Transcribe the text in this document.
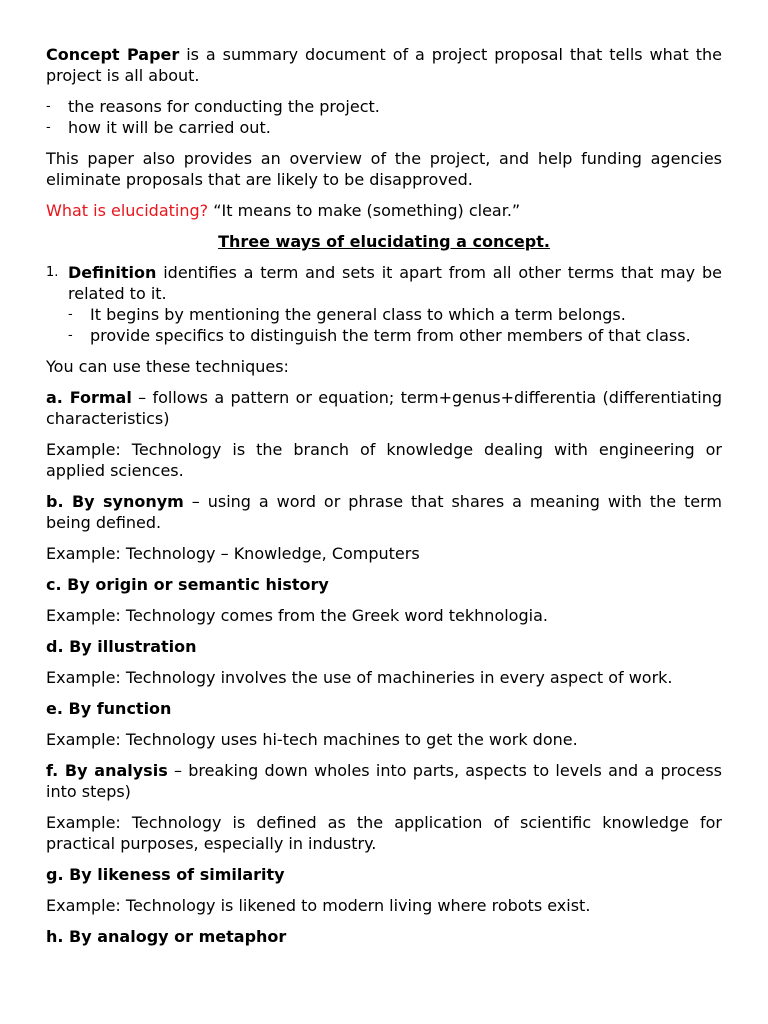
Concept Paper is a summary document of a project proposal that tells what the project is all about.

- the reasons for conducting the project.
- how it will be carried out.

This paper also provides an overview of the project, and help funding agencies eliminate proposals that are likely to be disapproved.

What is elucidating? “It means to make (something) clear.”

Three ways of elucidating a concept.

1. Definition identifies a term and sets it apart from all other terms that may be related to it.
- It begins by mentioning the general class to which a term belongs.
- provide specifics to distinguish the term from other members of that class.

You can use these techniques:

a. Formal – follows a pattern or equation; term+genus+differentia (differentiating characteristics)

Example: Technology is the branch of knowledge dealing with engineering or applied sciences.

b. By synonym – using a word or phrase that shares a meaning with the term being defined.

Example: Technology – Knowledge, Computers

c. By origin or semantic history

Example: Technology comes from the Greek word tekhnologia.

d. By illustration

Example: Technology involves the use of machineries in every aspect of work.

e. By function

Example: Technology uses hi-tech machines to get the work done.

f. By analysis – breaking down wholes into parts, aspects to levels and a process into steps)

Example: Technology is defined as the application of scientific knowledge for practical purposes, especially in industry.

g. By likeness of similarity

Example: Technology is likened to modern living where robots exist.

h. By analogy or metaphor
